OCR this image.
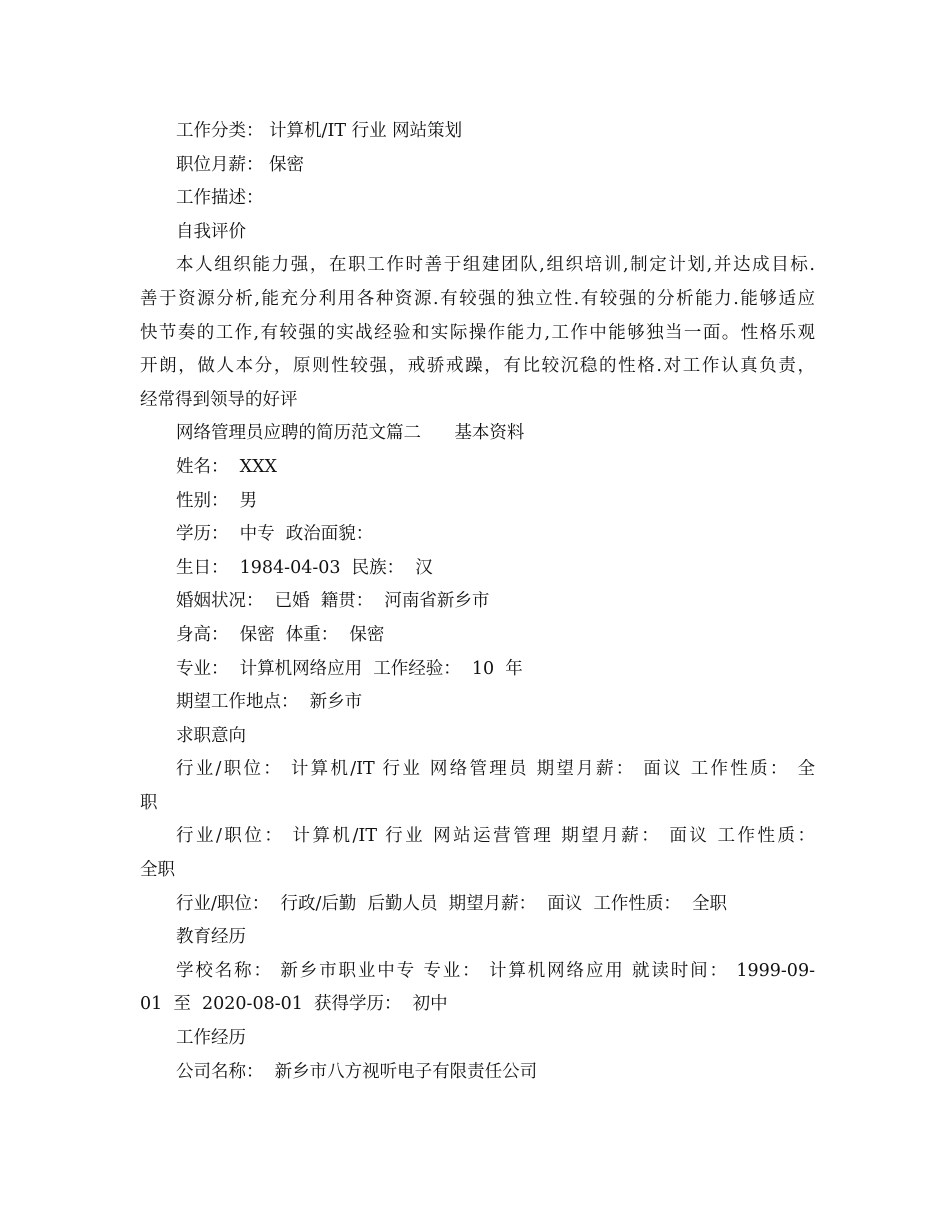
工作分类： 计算机/IT 行业 网站策划
职位月薪： 保密
工作描述：
自我评价
本人组织能力强，在职工作时善于组建团队,组织培训,制定计划,并达成目标.
善于资源分析,能充分利用各种资源.有较强的独立性.有较强的分析能力.能够适应
快节奏的工作,有较强的实战经验和实际操作能力,工作中能够独当一面。性格乐观
开朗，做人本分，原则性较强，戒骄戒躁，有比较沉稳的性格.对工作认真负责，
经常得到领导的好评
网络管理员应聘的简历范文篇二      基本资料
姓名：  XXX
性别：  男
学历：  中专  政治面貌：
生日：  1984-04-03  民族：  汉
婚姻状况：  已婚  籍贯：  河南省新乡市
身高：  保密  体重：  保密
专业：  计算机网络应用  工作经验：  10  年
期望工作地点：  新乡市
求职意向
行业/职位： 计算机/IT 行业 网络管理员 期望月薪： 面议 工作性质： 全
职
行业/职位： 计算机/IT 行业 网站运营管理 期望月薪： 面议 工作性质：
全职
行业/职位：  行政/后勤  后勤人员  期望月薪：  面议  工作性质：  全职
教育经历
学校名称： 新乡市职业中专 专业： 计算机网络应用 就读时间： 1999-09-
01  至  2020-08-01  获得学历：  初中
工作经历
公司名称：  新乡市八方视听电子有限责任公司
